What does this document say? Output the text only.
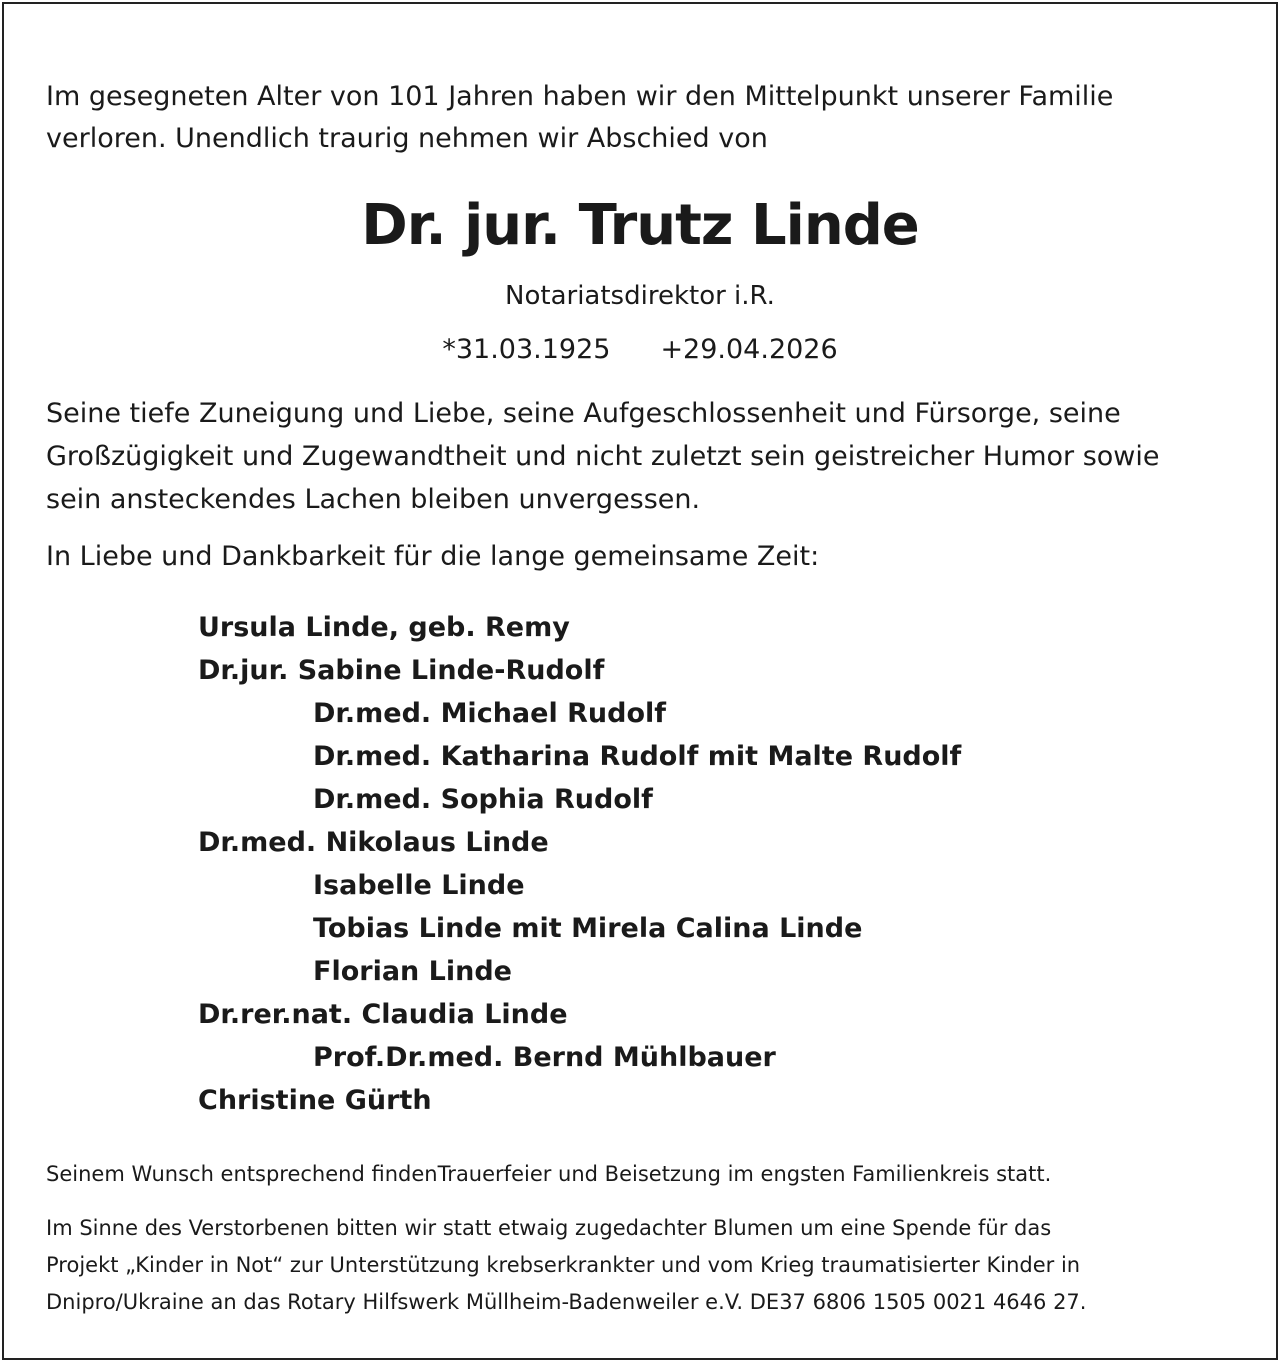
Im gesegneten Alter von 101 Jahren haben wir den Mittelpunkt unserer Familie
verloren. Unendlich traurig nehmen wir Abschied von

Dr. jur. Trutz Linde
Notariatsdirektor i.R.
*31.03.1925 +29.04.2026

Seine tiefe Zuneigung und Liebe, seine Aufgeschlossenheit und Fürsorge, seine
Großzügigkeit und Zugewandtheit und nicht zuletzt sein geistreicher Humor sowie
sein ansteckendes Lachen bleiben unvergessen.

In Liebe und Dankbarkeit für die lange gemeinsame Zeit:

Ursula Linde, geb. Remy
Dr.jur. Sabine Linde-Rudolf
Dr.med. Michael Rudolf
Dr.med. Katharina Rudolf mit Malte Rudolf
Dr.med. Sophia Rudolf
Dr.med. Nikolaus Linde
Isabelle Linde
Tobias Linde mit Mirela Calina Linde
Florian Linde
Dr.rer.nat. Claudia Linde
Prof.Dr.med. Bernd Mühlbauer
Christine Gürth

Seinem Wunsch entsprechend findenTrauerfeier und Beisetzung im engsten Familienkreis statt.

Im Sinne des Verstorbenen bitten wir statt etwaig zugedachter Blumen um eine Spende für das
Projekt „Kinder in Not“ zur Unterstützung krebserkrankter und vom Krieg traumatisierter Kinder in
Dnipro/Ukraine an das Rotary Hilfswerk Müllheim-Badenweiler e.V. DE37 6806 1505 0021 4646 27.
